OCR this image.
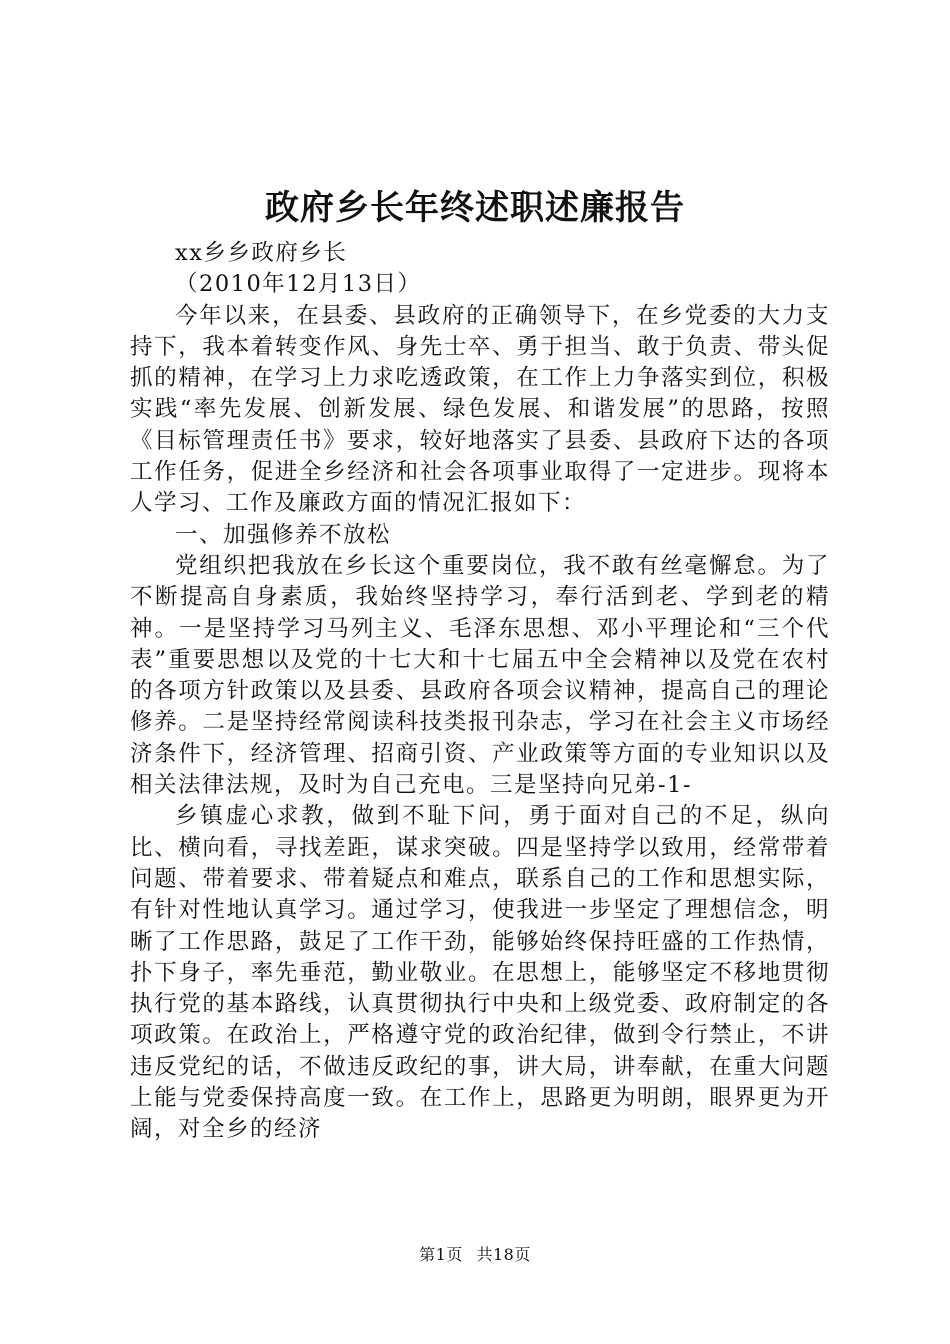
政府乡长年终述职述廉报告

xx乡乡政府乡长

（2010年12月13日）

今年以来，在县委、县政府的正确领导下，在乡党委的大力支持下，我本着转变作风、身先士卒、勇于担当、敢于负责、带头促抓的精神，在学习上力求吃透政策，在工作上力争落实到位，积极实践“率先发展、创新发展、绿色发展、和谐发展”的思路，按照《目标管理责任书》要求，较好地落实了县委、县政府下达的各项工作任务，促进全乡经济和社会各项事业取得了一定进步。现将本人学习、工作及廉政方面的情况汇报如下：

一、加强修养不放松

党组织把我放在乡长这个重要岗位，我不敢有丝毫懈怠。为了不断提高自身素质，我始终坚持学习，奉行活到老、学到老的精神。一是坚持学习马列主义、毛泽东思想、邓小平理论和“三个代表”重要思想以及党的十七大和十七届五中全会精神以及党在农村的各项方针政策以及县委、县政府各项会议精神，提高自己的理论修养。二是坚持经常阅读科技类报刊杂志，学习在社会主义市场经济条件下，经济管理、招商引资、产业政策等方面的专业知识以及相关法律法规，及时为自己充电。三是坚持向兄弟-1-

乡镇虚心求教，做到不耻下问，勇于面对自己的不足，纵向比、横向看，寻找差距，谋求突破。四是坚持学以致用，经常带着问题、带着要求、带着疑点和难点，联系自己的工作和思想实际，有针对性地认真学习。通过学习，使我进一步坚定了理想信念，明晰了工作思路，鼓足了工作干劲，能够始终保持旺盛的工作热情，扑下身子，率先垂范，勤业敬业。在思想上，能够坚定不移地贯彻执行党的基本路线，认真贯彻执行中央和上级党委、政府制定的各项政策。在政治上，严格遵守党的政治纪律，做到令行禁止，不讲违反党纪的话，不做违反政纪的事，讲大局，讲奉献，在重大问题上能与党委保持高度一致。在工作上，思路更为明朗，眼界更为开阔，对全乡的经济

第1页 共18页
